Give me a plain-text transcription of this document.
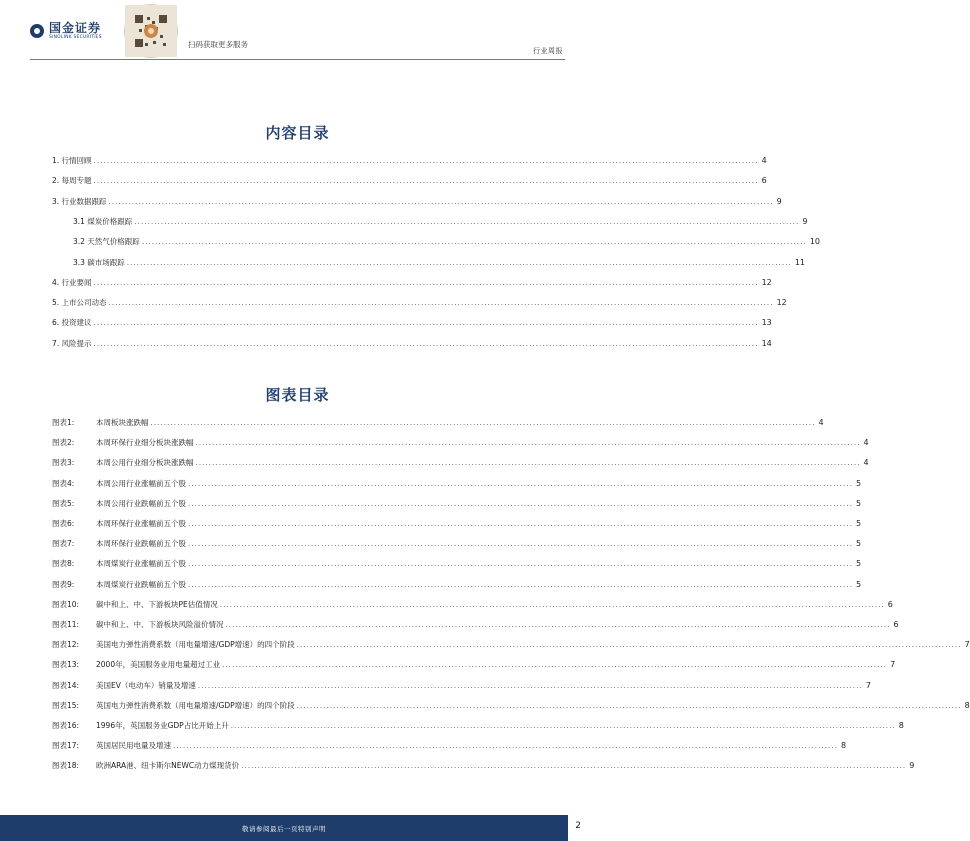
国金证券
SINOLINK SECURITIES
扫码获取更多服务
行业周报
内容目录
1. 行情回顾 ........................................................................................................................................................................................................ 4
2. 每周专题 ........................................................................................................................................................................................................ 6
3. 行业数据跟踪 ........................................................................................................................................................................................................ 9
3.1 煤炭价格跟踪 ........................................................................................................................................................................................................ 9
3.2 天然气价格跟踪 ........................................................................................................................................................................................................ 10
3.3 碳市场跟踪 ........................................................................................................................................................................................................ 11
4. 行业要闻 ........................................................................................................................................................................................................ 12
5. 上市公司动态 ........................................................................................................................................................................................................ 12
6. 投资建议 ........................................................................................................................................................................................................ 13
7. 风险提示 ........................................................................................................................................................................................................ 14
图表目录
图表1:	本周板块涨跌幅 ........................................................................................................................................................................................................ 4
图表2:	本周环保行业细分板块涨跌幅 ........................................................................................................................................................................................................ 4
图表3:	本周公用行业细分板块涨跌幅 ........................................................................................................................................................................................................ 4
图表4:	本周公用行业涨幅前五个股 ........................................................................................................................................................................................................ 5
图表5:	本周公用行业跌幅前五个股 ........................................................................................................................................................................................................ 5
图表6:	本周环保行业涨幅前五个股 ........................................................................................................................................................................................................ 5
图表7:	本周环保行业跌幅前五个股 ........................................................................................................................................................................................................ 5
图表8:	本周煤炭行业涨幅前五个股 ........................................................................................................................................................................................................ 5
图表9:	本周煤炭行业跌幅前五个股 ........................................................................................................................................................................................................ 5
图表10: 碳中和上、中、下游板块PE估值情况 ........................................................................................................................................................................................................ 6
图表11: 碳中和上、中、下游板块风险溢价情况 ........................................................................................................................................................................................................ 6
图表12: 美国电力弹性消费系数（用电量增速/GDP增速）的四个阶段 ........................................................................................................................................................................................................ 7
图表13: 2000年，美国服务业用电量超过工业 ........................................................................................................................................................................................................ 7
图表14: 美国EV（电动车）销量及增速 ........................................................................................................................................................................................................ 7
图表15: 英国电力弹性消费系数（用电量增速/GDP增速）的四个阶段 ........................................................................................................................................................................................................ 8
图表16: 1996年，英国服务业GDP占比开始上升 ........................................................................................................................................................................................................ 8
图表17: 英国居民用电量及增速 ........................................................................................................................................................................................................ 8
图表18: 欧洲ARA港、纽卡斯尔NEWC动力煤现货价 ........................................................................................................................................................................................................ 9
敬请参阅最后一页特别声明	2
